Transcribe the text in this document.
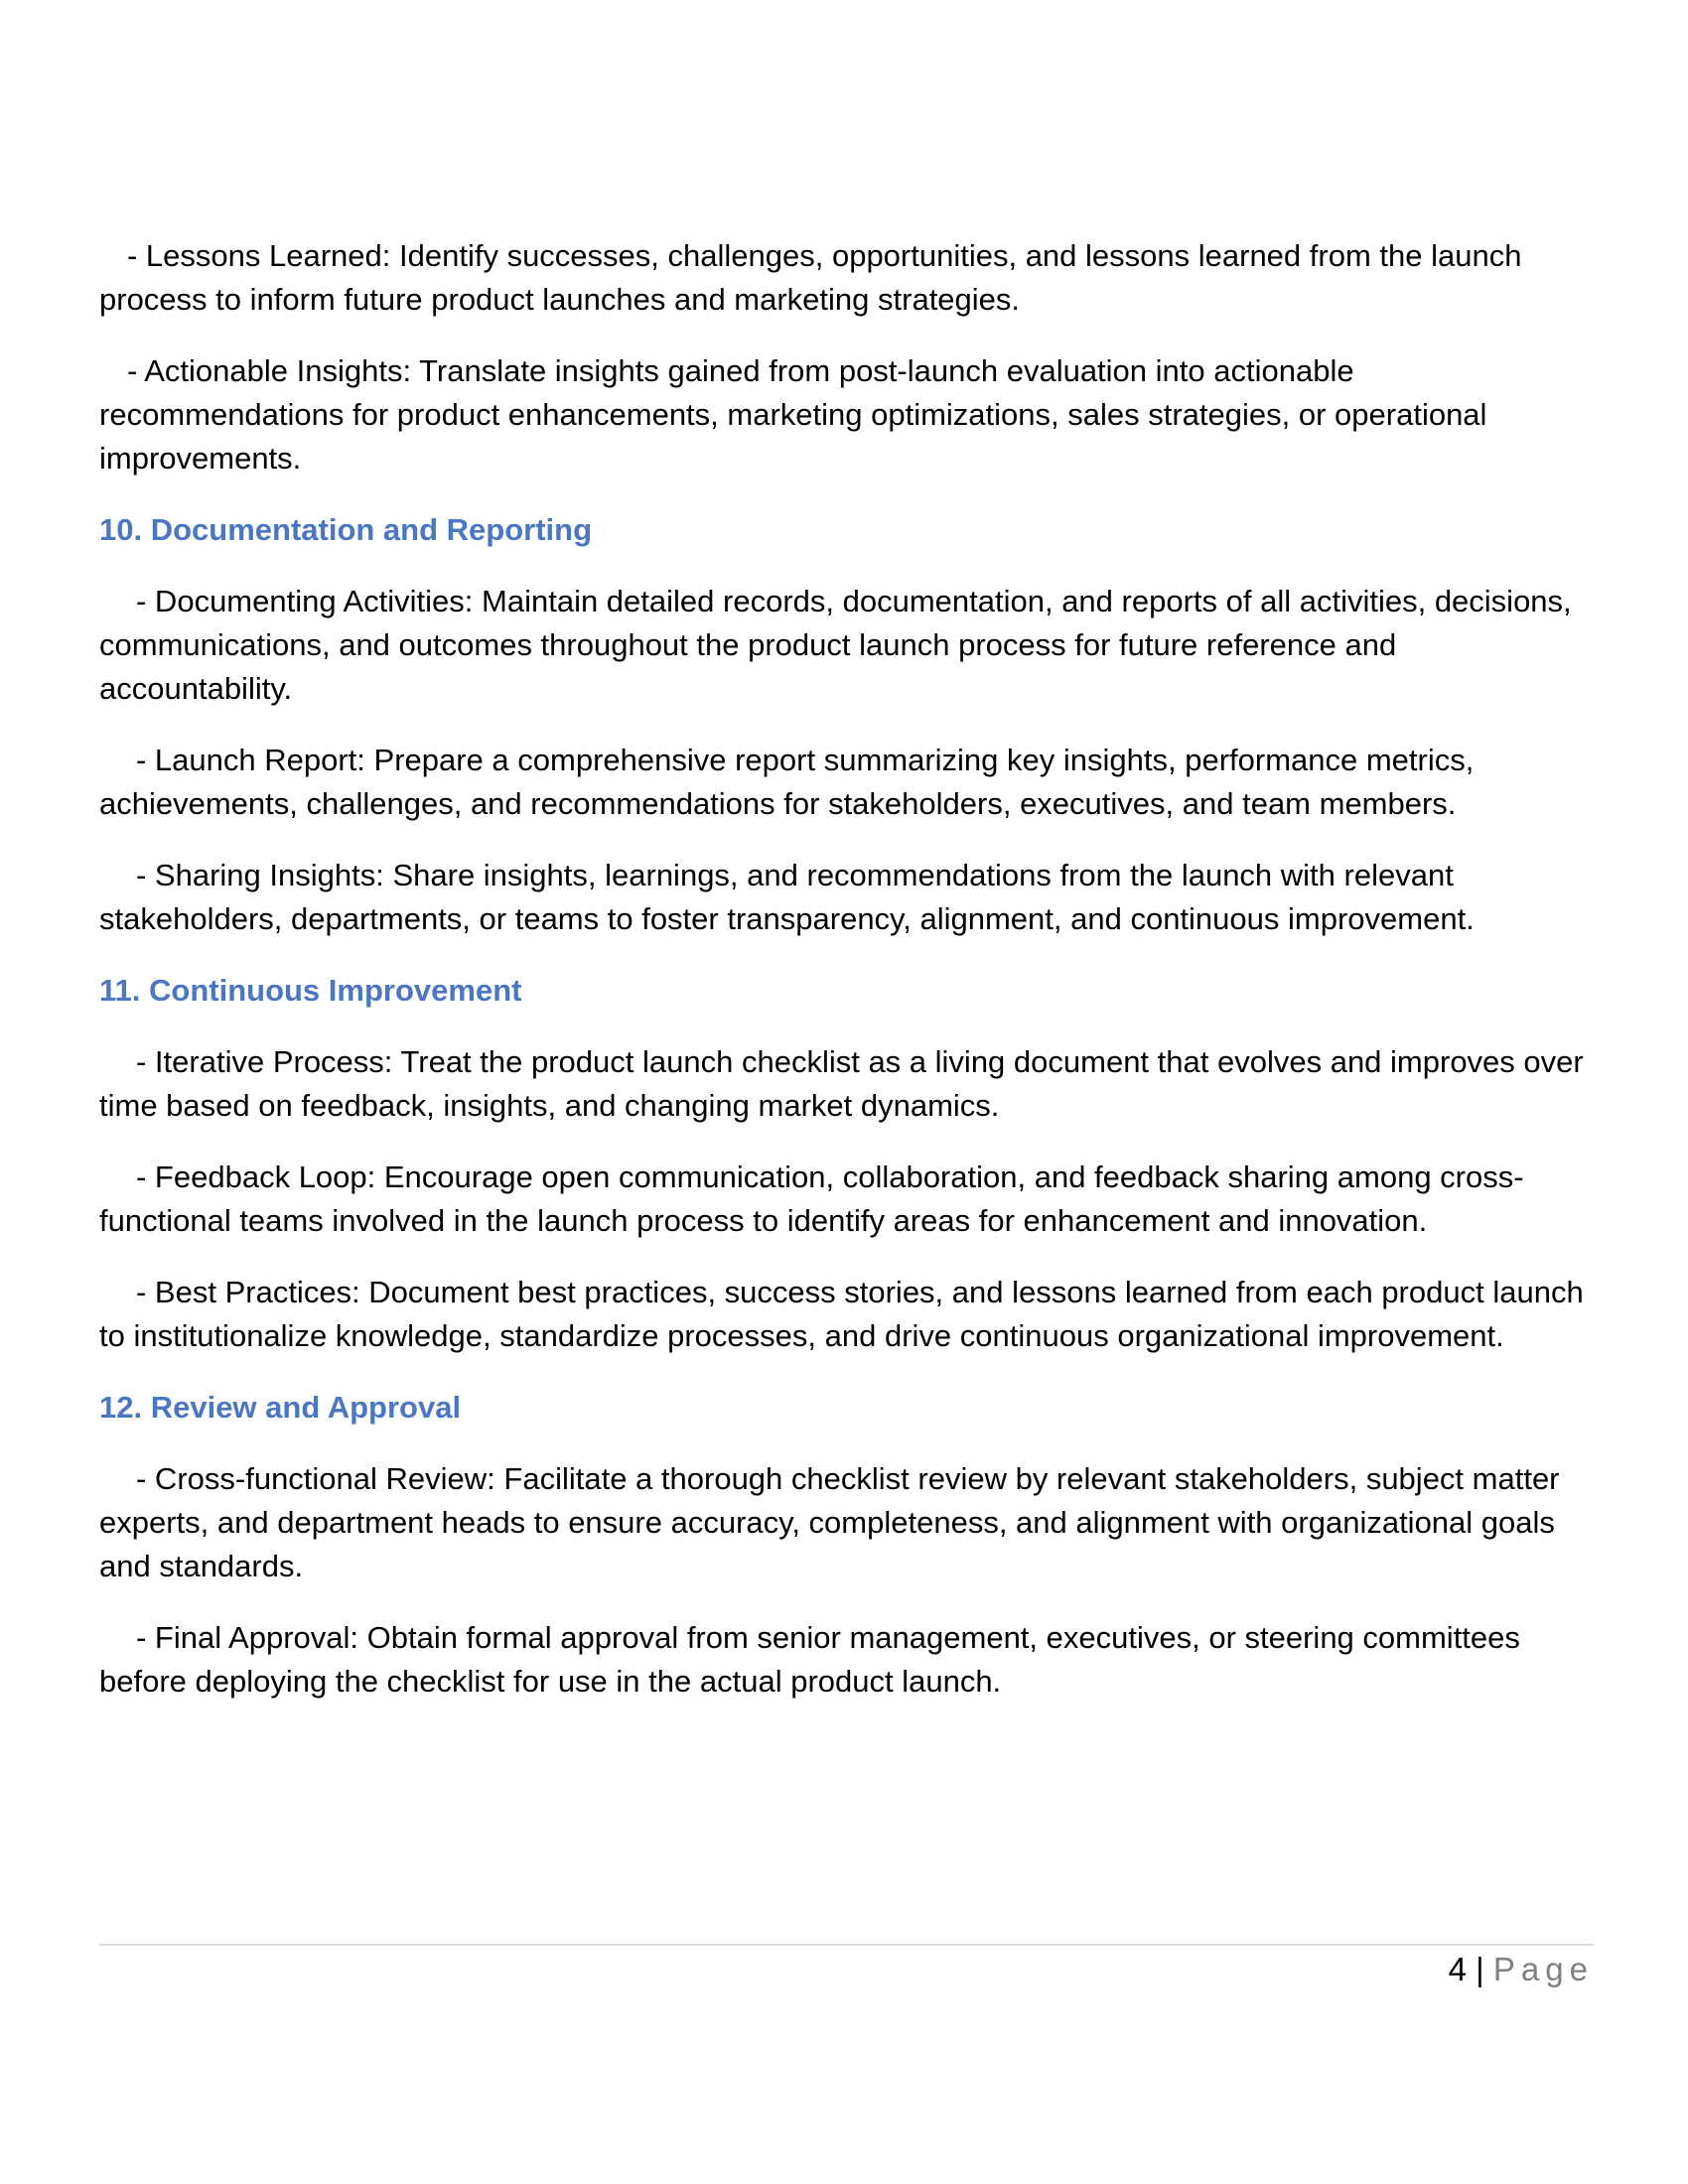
- Lessons Learned: Identify successes, challenges, opportunities, and lessons learned from the launch process to inform future product launches and marketing strategies.

- Actionable Insights: Translate insights gained from post-launch evaluation into actionable recommendations for product enhancements, marketing optimizations, sales strategies, or operational improvements.

10. Documentation and Reporting

- Documenting Activities: Maintain detailed records, documentation, and reports of all activities, decisions, communications, and outcomes throughout the product launch process for future reference and accountability.

- Launch Report: Prepare a comprehensive report summarizing key insights, performance metrics, achievements, challenges, and recommendations for stakeholders, executives, and team members.

- Sharing Insights: Share insights, learnings, and recommendations from the launch with relevant stakeholders, departments, or teams to foster transparency, alignment, and continuous improvement.

11. Continuous Improvement

- Iterative Process: Treat the product launch checklist as a living document that evolves and improves over time based on feedback, insights, and changing market dynamics.

- Feedback Loop: Encourage open communication, collaboration, and feedback sharing among cross-functional teams involved in the launch process to identify areas for enhancement and innovation.

- Best Practices: Document best practices, success stories, and lessons learned from each product launch to institutionalize knowledge, standardize processes, and drive continuous organizational improvement.

12. Review and Approval

- Cross-functional Review: Facilitate a thorough checklist review by relevant stakeholders, subject matter experts, and department heads to ensure accuracy, completeness, and alignment with organizational goals and standards.

- Final Approval: Obtain formal approval from senior management, executives, or steering committees before deploying the checklist for use in the actual product launch.

4 | Page
